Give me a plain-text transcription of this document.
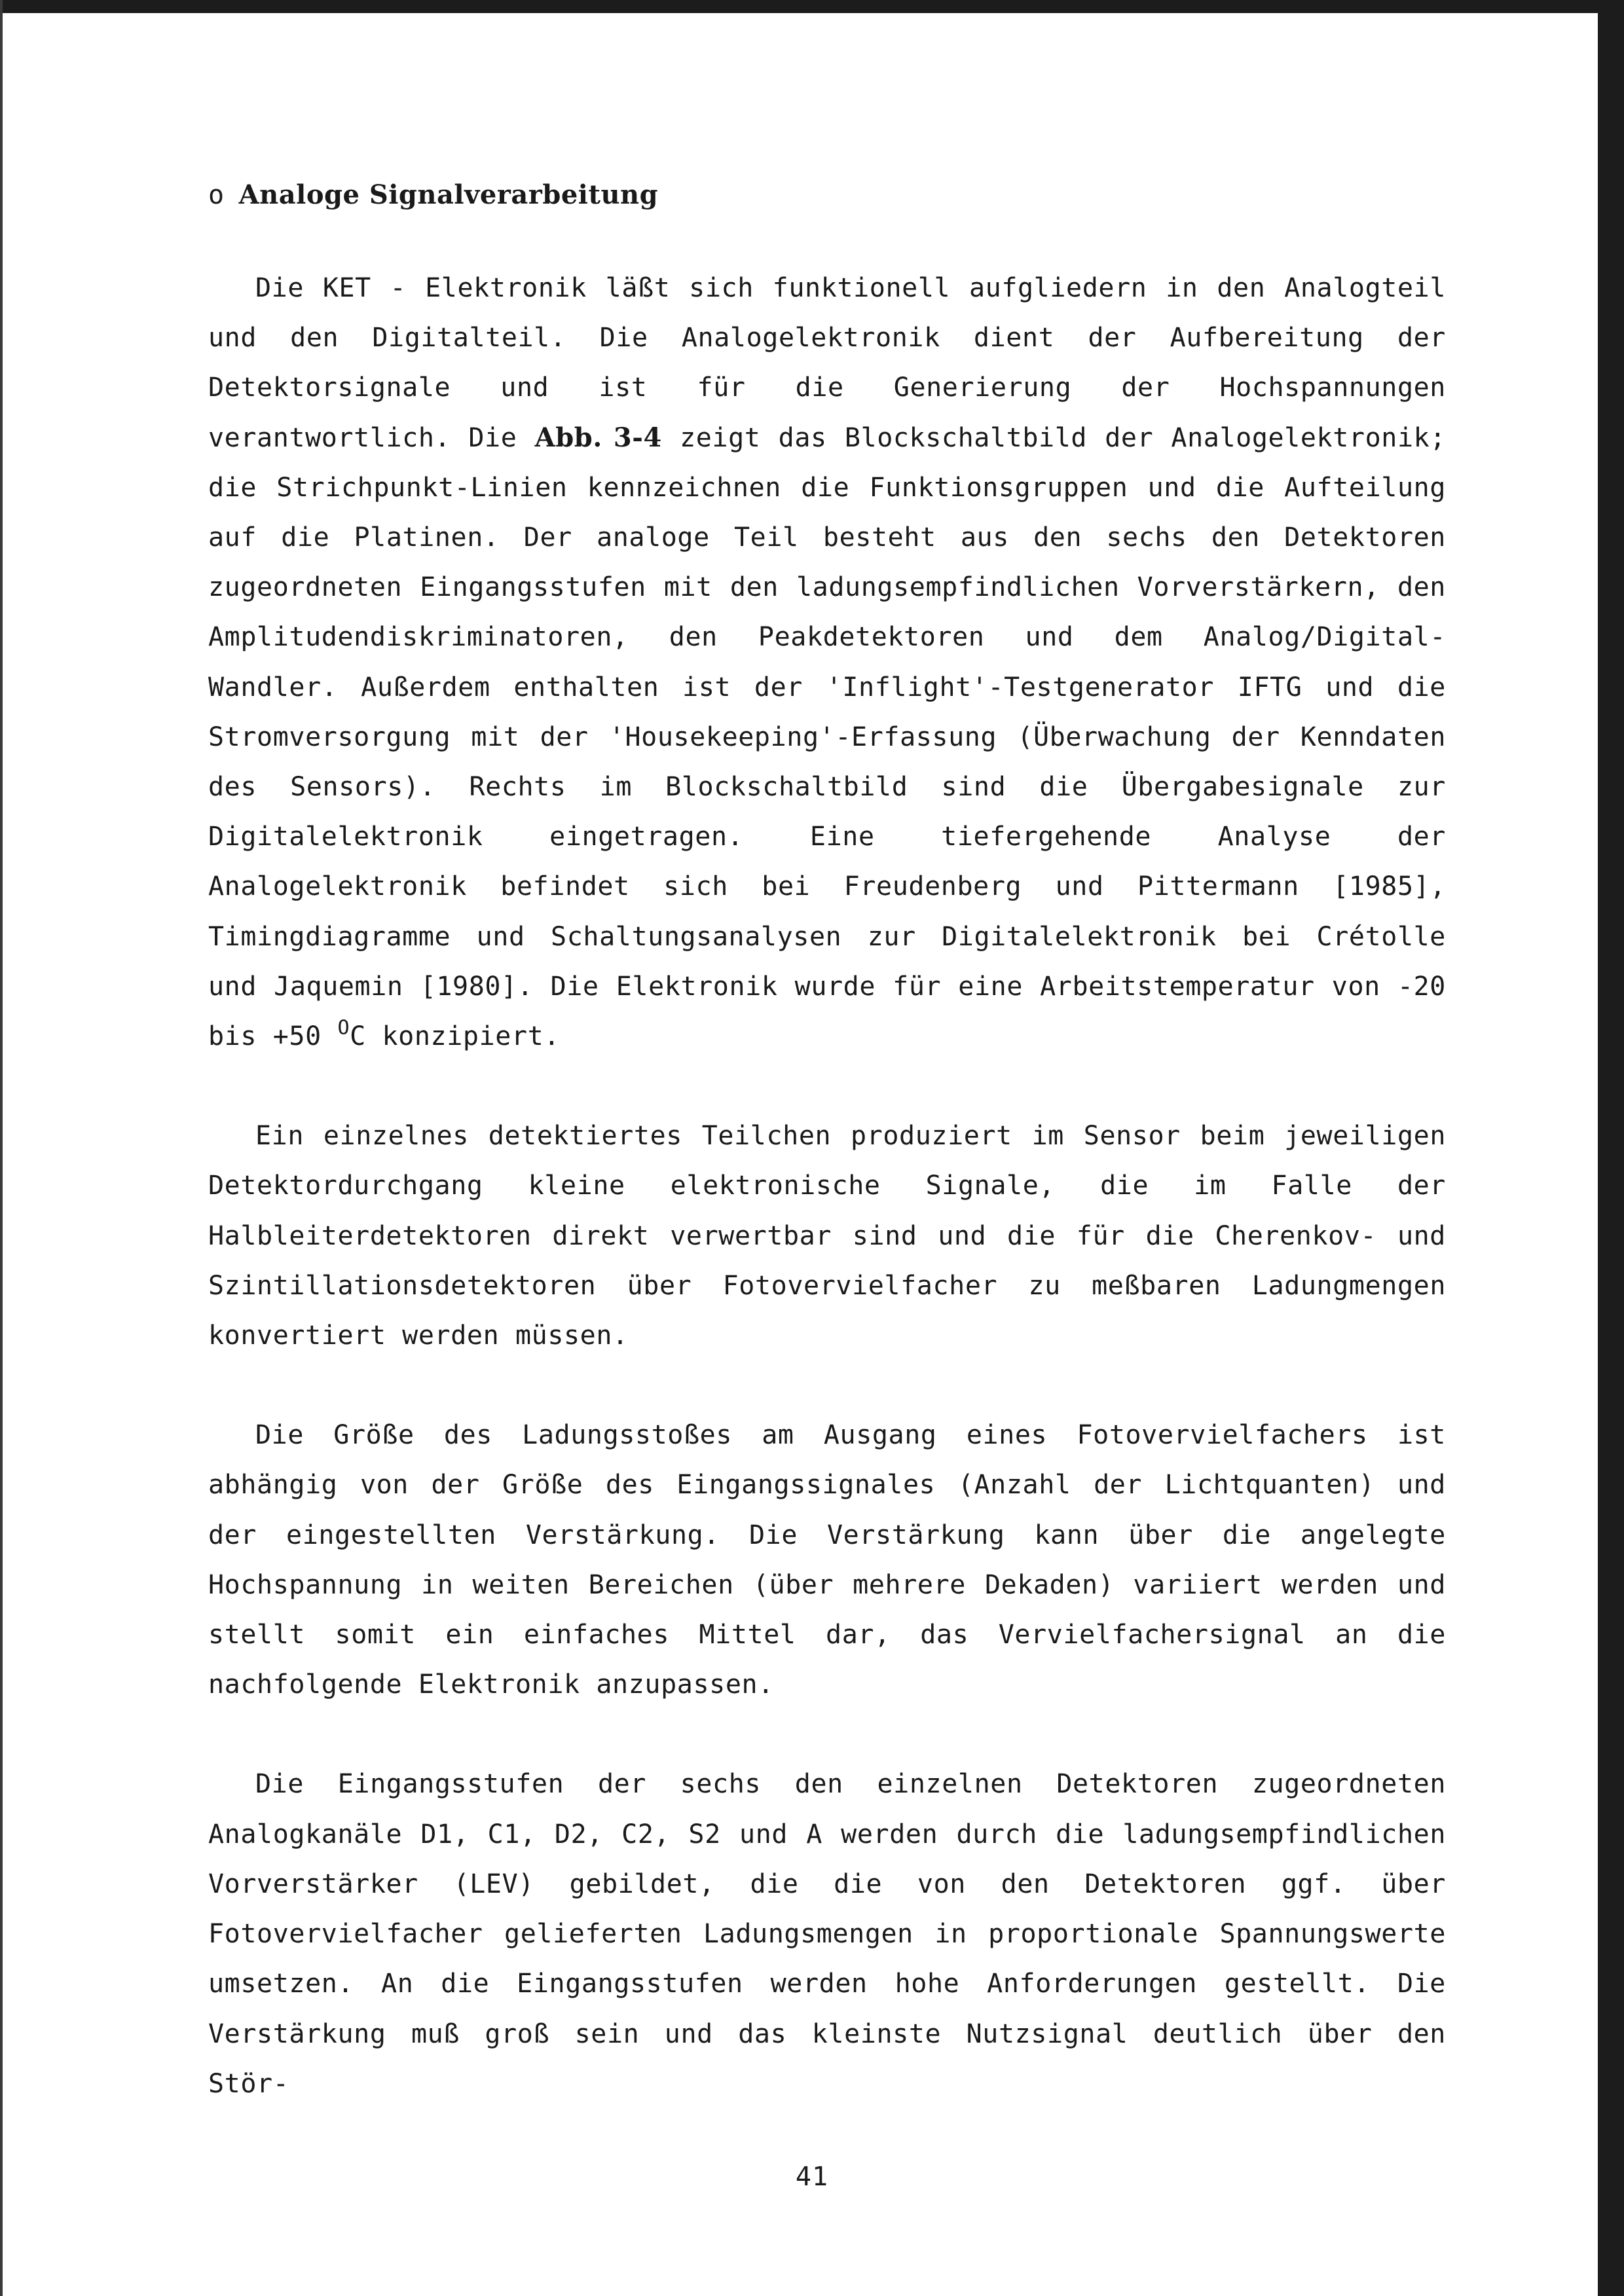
o Analoge Signalverarbeitung

Die KET - Elektronik läßt sich funktionell aufgliedern in den Analogteil und den Digitalteil. Die Analogelektronik dient der Aufbereitung der Detektorsignale und ist für die Generierung der Hochspannungen verantwortlich. Die Abb. 3-4 zeigt das Blockschaltbild der Analogelektronik; die Strichpunkt-Linien kennzeichnen die Funktionsgruppen und die Aufteilung auf die Platinen. Der analoge Teil besteht aus den sechs den Detektoren zugeordneten Eingangsstufen mit den ladungsempfindlichen Vorverstärkern, den Amplitudendiskriminatoren, den Peakdetektoren und dem Analog/Digital-Wandler. Außerdem enthalten ist der 'Inflight'-Testgenerator IFTG und die Stromversorgung mit der 'Housekeeping'-Erfassung (Überwachung der Kenndaten des Sensors). Rechts im Blockschaltbild sind die Übergabesignale zur Digitalelektronik eingetragen. Eine tiefergehende Analyse der Analogelektronik befindet sich bei Freudenberg und Pittermann [1985], Timingdiagramme und Schaltungsanalysen zur Digitalelektronik bei Crétolle und Jaquemin [1980]. Die Elektronik wurde für eine Arbeitstemperatur von -20 bis +50 $^O$C konzipiert.

Ein einzelnes detektiertes Teilchen produziert im Sensor beim jeweiligen Detektordurchgang kleine elektronische Signale, die im Falle der Halbleiterdetektoren direkt verwertbar sind und die für die Cherenkov- und Szintillationsdetektoren über Fotovervielfacher zu meßbaren Ladungmengen konvertiert werden müssen.

Die Größe des Ladungsstoßes am Ausgang eines Fotovervielfachers ist abhängig von der Größe des Eingangssignales (Anzahl der Lichtquanten) und der eingestellten Verstärkung. Die Verstärkung kann über die angelegte Hochspannung in weiten Bereichen (über mehrere Dekaden) variiert werden und stellt somit ein einfaches Mittel dar, das Vervielfachersignal an die nachfolgende Elektronik anzupassen.

Die Eingangsstufen der sechs den einzelnen Detektoren zugeordneten Analogkanäle D1, C1, D2, C2, S2 und A werden durch die ladungsempfindlichen Vorverstärker (LEV) gebildet, die die von den Detektoren ggf. über Fotovervielfacher gelieferten Ladungsmengen in proportionale Spannungswerte umsetzen. An die Eingangsstufen werden hohe Anforderungen gestellt. Die Verstärkung muß groß sein und das kleinste Nutzsignal deutlich über den Stör-

41
